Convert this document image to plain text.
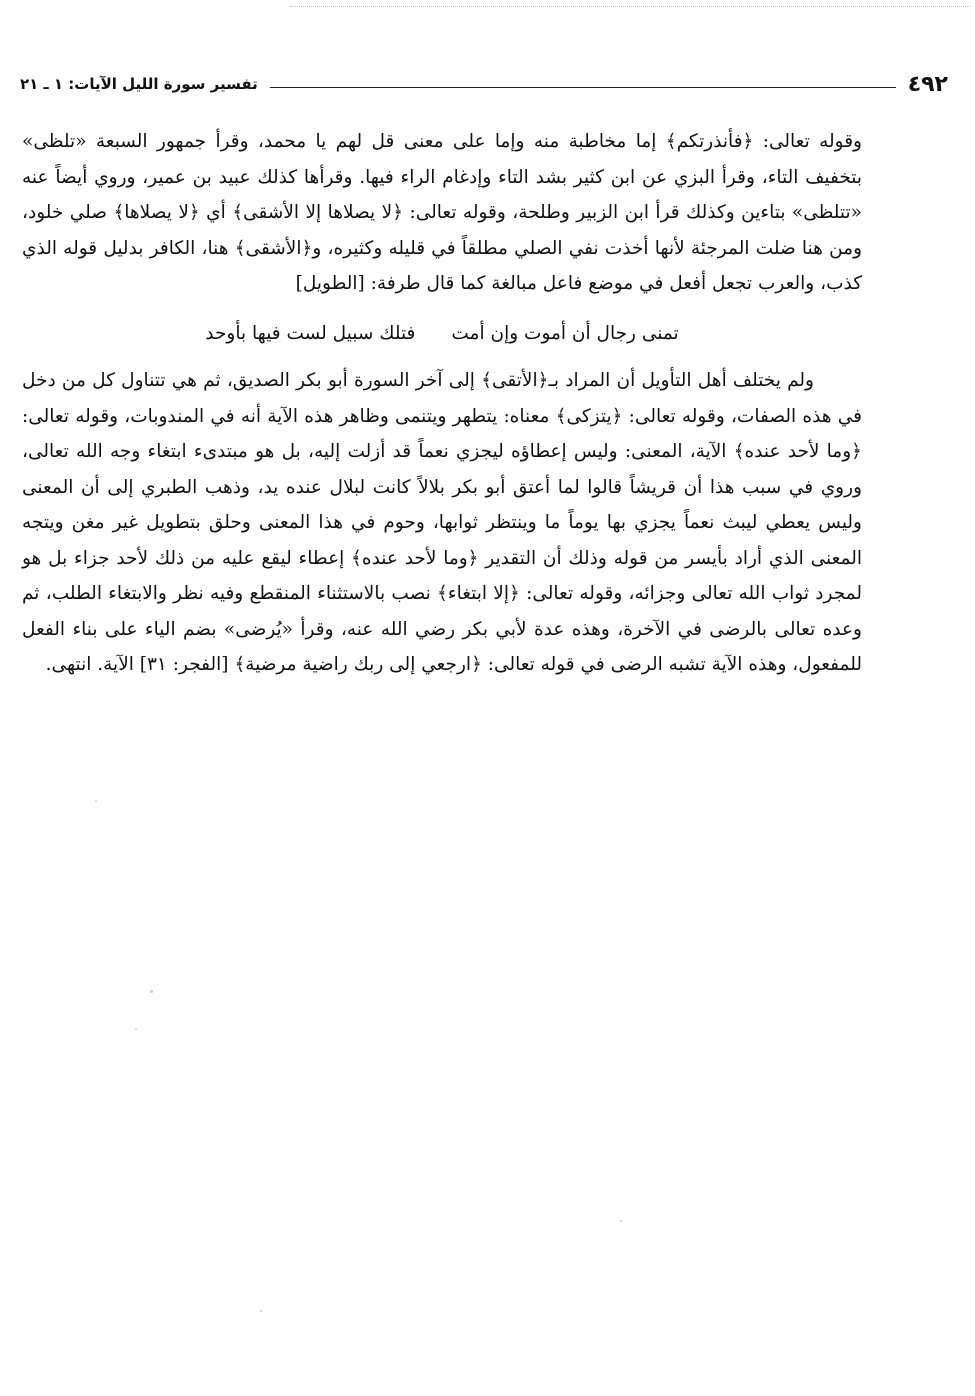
٤٩٢
تفسير سورة الليل الآيات: ١ ـ ٢١

وقوله تعالى: ﴿فأنذرتكم﴾ إما مخاطبة منه وإما على معنى قل لهم يا محمد، وقرأ جمهور السبعة «تلظى» بتخفيف التاء، وقرأ البزي عن ابن كثير بشد التاء وإدغام الراء فيها. وقرأها كذلك عبيد بن عمير، وروي أيضاً عنه «تتلظى» بتاءين وكذلك قرأ ابن الزبير وطلحة، وقوله تعالى: ﴿لا يصلاها إلا الأشقى﴾ أي ﴿لا يصلاها﴾ صلي خلود، ومن هنا ضلت المرجئة لأنها أخذت نفي الصلي مطلقاً في قليله وكثيره، و﴿الأشقى﴾ هنا، الكافر بدليل قوله الذي كذب، والعرب تجعل أفعل في موضع فاعل مبالغة كما قال طرفة: [الطويل]

تمنى رجال أن أموت وإن أمت
فتلك سبيل لست فيها بأوحد

ولم يختلف أهل التأويل أن المراد بـ﴿الأتقى﴾ إلى آخر السورة أبو بكر الصديق، ثم هي تتناول كل من دخل في هذه الصفات، وقوله تعالى: ﴿يتزكى﴾ معناه: يتطهر ويتنمى وظاهر هذه الآية أنه في المندوبات، وقوله تعالى: ﴿وما لأحد عنده﴾ الآية، المعنى: وليس إعطاؤه ليجزي نعماً قد أزلت إليه، بل هو مبتدىء ابتغاء وجه الله تعالى، وروي في سبب هذا أن قريشاً قالوا لما أعتق أبو بكر بلالاً كانت لبلال عنده يد، وذهب الطبري إلى أن المعنى وليس يعطي ليبث نعماً يجزي بها يوماً ما وينتظر ثوابها، وحوم في هذا المعنى وحلق بتطويل غير مغن ويتجه المعنى الذي أراد بأيسر من قوله وذلك أن التقدير ﴿وما لأحد عنده﴾ إعطاء ليقع عليه من ذلك لأحد جزاء بل هو لمجرد ثواب الله تعالى وجزائه، وقوله تعالى: ﴿إلا ابتغاء﴾ نصب بالاستثناء المنقطع وفيه نظر والابتغاء الطلب، ثم وعده تعالى بالرضى في الآخرة، وهذه عدة لأبي بكر رضي الله عنه، وقرأ «يُرضى» بضم الياء على بناء الفعل للمفعول، وهذه الآية تشبه الرضى في قوله تعالى: ﴿ارجعي إلى ربك راضية مرضية﴾ [الفجر: ٣١] الآية. انتهى.
